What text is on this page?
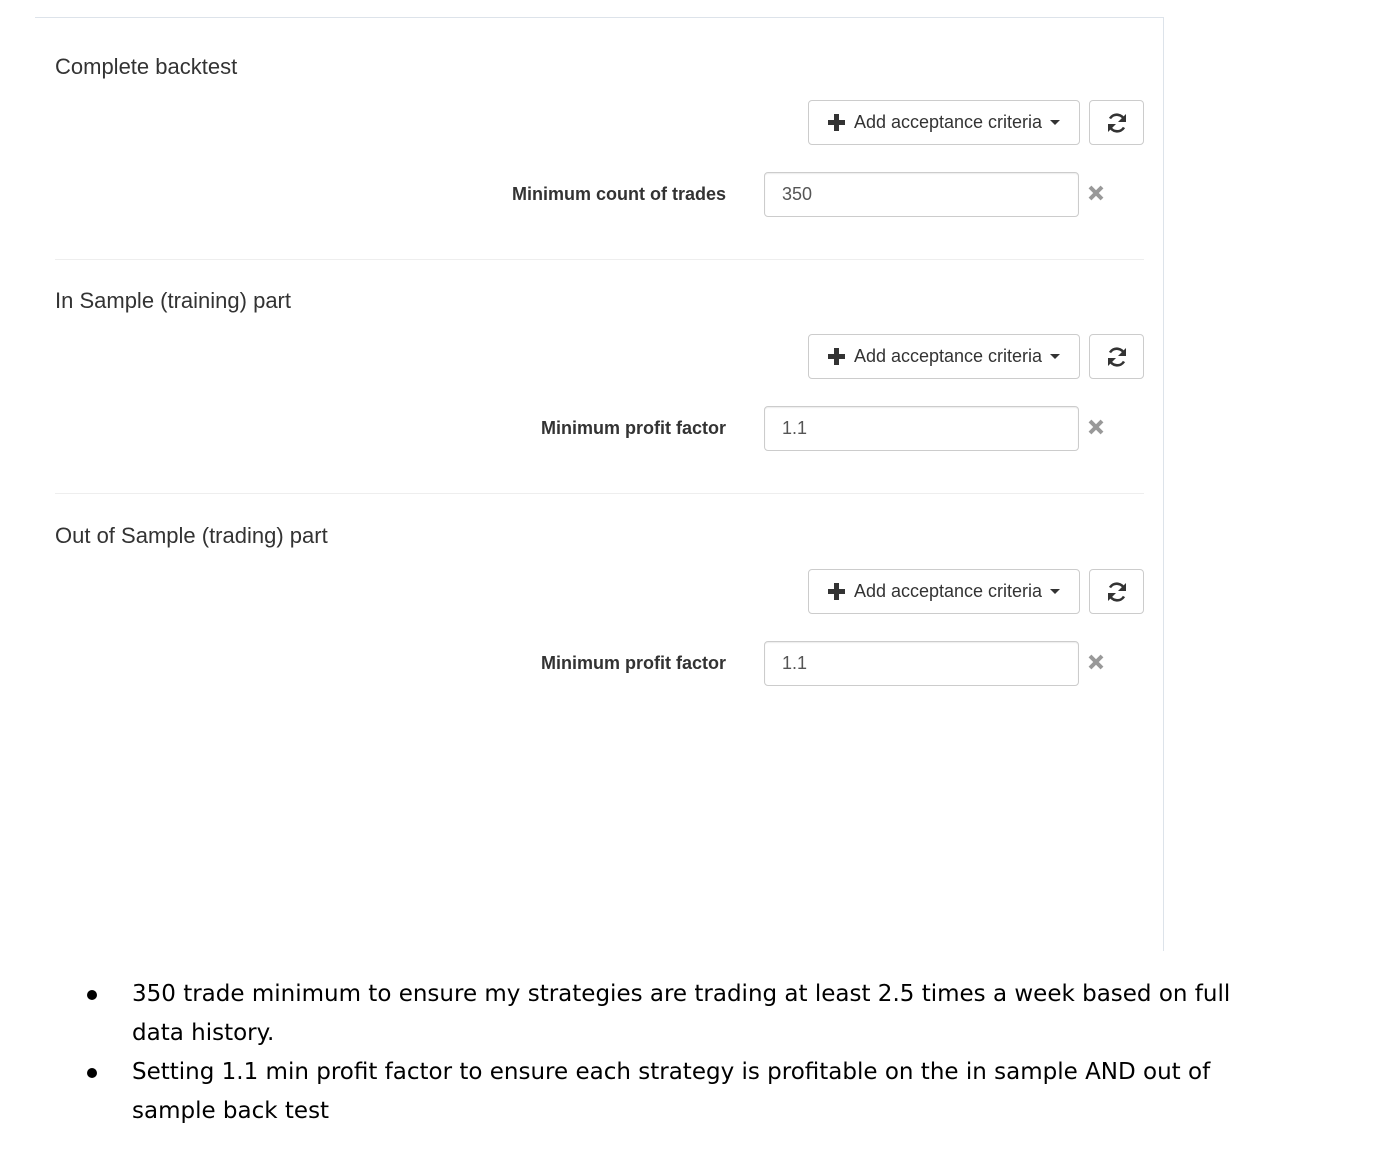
Complete backtest
Add acceptance criteria
Minimum count of trades
350
In Sample (training) part
Add acceptance criteria
Minimum profit factor
1.1
Out of Sample (trading) part
Add acceptance criteria
Minimum profit factor
1.1
350 trade minimum to ensure my strategies are trading at least 2.5 times a week based on full data history.
Setting 1.1 min profit factor to ensure each strategy is profitable on the in sample AND out of sample back test
